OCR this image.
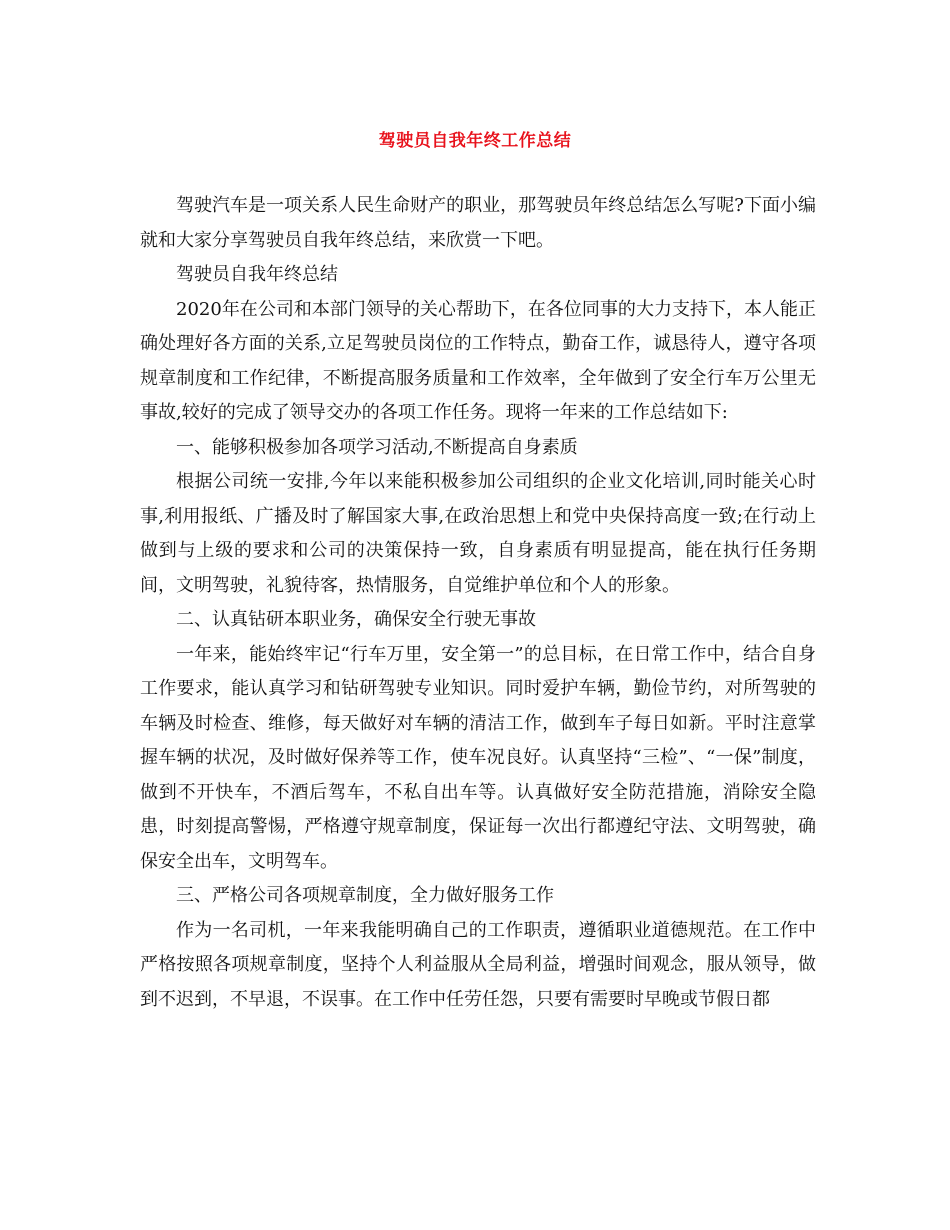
驾驶员自我年终工作总结

驾驶汽车是一项关系人民生命财产的职业，那驾驶员年终总结怎么写呢?下面小编就和大家分享驾驶员自我年终总结，来欣赏一下吧。

驾驶员自我年终总结

2020年在公司和本部门领导的关心帮助下，在各位同事的大力支持下，本人能正确处理好各方面的关系,立足驾驶员岗位的工作特点，勤奋工作，诚恳待人，遵守各项规章制度和工作纪律，不断提高服务质量和工作效率，全年做到了安全行车万公里无事故,较好的完成了领导交办的各项工作任务。现将一年来的工作总结如下:

一、能够积极参加各项学习活动,不断提高自身素质

根据公司统一安排,今年以来能积极参加公司组织的企业文化培训,同时能关心时事,利用报纸、广播及时了解国家大事,在政治思想上和党中央保持高度一致;在行动上做到与上级的要求和公司的决策保持一致，自身素质有明显提高，能在执行任务期间，文明驾驶，礼貌待客，热情服务，自觉维护单位和个人的形象。

二、认真钻研本职业务，确保安全行驶无事故

一年来，能始终牢记“行车万里，安全第一”的总目标，在日常工作中，结合自身工作要求，能认真学习和钻研驾驶专业知识。同时爱护车辆，勤俭节约，对所驾驶的车辆及时检查、维修，每天做好对车辆的清洁工作，做到车子每日如新。平时注意掌握车辆的状况，及时做好保养等工作，使车况良好。认真坚持“三检”、“一保”制度，做到不开快车，不酒后驾车，不私自出车等。认真做好安全防范措施，消除安全隐患，时刻提高警惕，严格遵守规章制度，保证每一次出行都遵纪守法、文明驾驶，确保安全出车，文明驾车。

三、严格公司各项规章制度，全力做好服务工作

作为一名司机，一年来我能明确自己的工作职责，遵循职业道德规范。在工作中严格按照各项规章制度，坚持个人利益服从全局利益，增强时间观念，服从领导，做到不迟到，不早退，不误事。在工作中任劳任怨，只要有需要时早晚或节假日都
